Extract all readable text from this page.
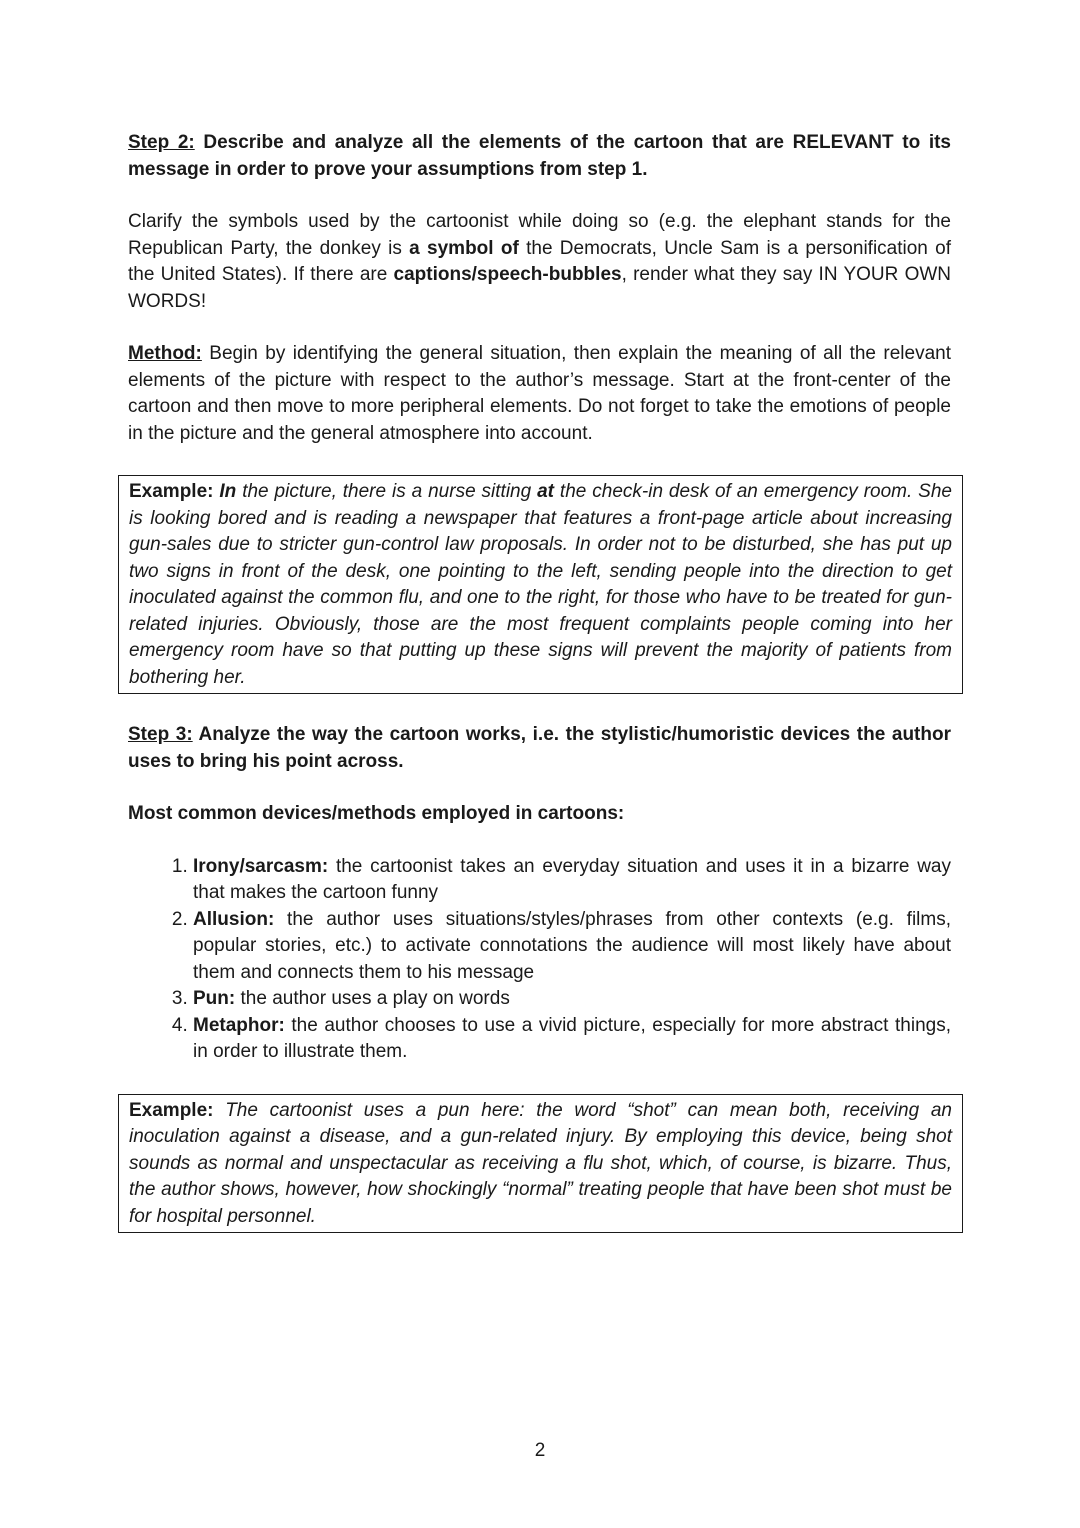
Step 2: Describe and analyze all the elements of the cartoon that are RELEVANT to its message in order to prove your assumptions from step 1.

Clarify the symbols used by the cartoonist while doing so (e.g. the elephant stands for the Republican Party, the donkey is a symbol of the Democrats, Uncle Sam is a personification of the United States). If there are captions/speech-bubbles, render what they say IN YOUR OWN WORDS!

Method: Begin by identifying the general situation, then explain the meaning of all the relevant elements of the picture with respect to the author’s message. Start at the front-center of the cartoon and then move to more peripheral elements. Do not forget to take the emotions of people in the picture and the general atmosphere into account.

Example: In the picture, there is a nurse sitting at the check-in desk of an emergency room. She is looking bored and is reading a newspaper that features a front-page article about increasing gun-sales due to stricter gun-control law proposals. In order not to be disturbed, she has put up two signs in front of the desk, one pointing to the left, sending people into the direction to get inoculated against the common flu, and one to the right, for those who have to be treated for gun-related injuries. Obviously, those are the most frequent complaints people coming into her emergency room have so that putting up these signs will prevent the majority of patients from bothering her.

Step 3: Analyze the way the cartoon works, i.e. the stylistic/humoristic devices the author uses to bring his point across.

Most common devices/methods employed in cartoons:

1. Irony/sarcasm: the cartoonist takes an everyday situation and uses it in a bizarre way that makes the cartoon funny
2. Allusion: the author uses situations/styles/phrases from other contexts (e.g. films, popular stories, etc.) to activate connotations the audience will most likely have about them and connects them to his message
3. Pun: the author uses a play on words
4. Metaphor: the author chooses to use a vivid picture, especially for more abstract things, in order to illustrate them.
Example: The cartoonist uses a pun here: the word “shot” can mean both, receiving an inoculation against a disease, and a gun-related injury. By employing this device, being shot sounds as normal and unspectacular as receiving a flu shot, which, of course, is bizarre. Thus, the author shows, however, how shockingly “normal” treating people that have been shot must be for hospital personnel.
2
